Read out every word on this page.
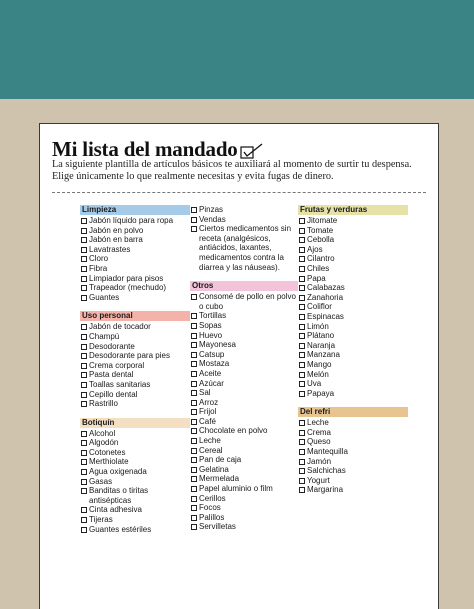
Mi lista del mandado
La siguiente plantilla de artículos básicos te auxiliará al momento de surtir tu despensa. Elige únicamente lo que realmente necesitas y evita fugas de dinero.
Limpieza
Jabón líquido para ropa
Jabón en polvo
Jabón en barra
Lavatrastes
Cloro
Fibra
Limpiador para pisos
Trapeador (mechudo)
Guantes
Uso personal
Jabón de tocador
Champú
Desodorante
Desodorante para pies
Crema corporal
Pasta dental
Toallas sanitarias
Cepillo dental
Rastrillo
Botiquín
Alcohol
Algodón
Cotonetes
Merthiolate
Agua oxigenada
Gasas
Banditas o tiritas antisépticas
Cinta adhesiva
Tijeras
Guantes estériles
Pinzas
Vendas
Ciertos medicamentos sin receta (analgésicos, antiácidos, laxantes, medicamentos contra la diarrea y las náuseas).
Otros
Consomé de pollo en polvo o cubo
Tortillas
Sopas
Huevo
Mayonesa
Catsup
Mostaza
Aceite
Azúcar
Sal
Arroz
Frijol
Café
Chocolate en polvo
Leche
Cereal
Pan de caja
Gelatina
Mermelada
Papel aluminio o film
Cerillos
Focos
Palillos
Servilletas
Frutas y verduras
Jitomate
Tomate
Cebolla
Ajos
Cilantro
Chiles
Papa
Calabazas
Zanahoria
Coliflor
Espinacas
Limón
Plátano
Naranja
Manzana
Mango
Melón
Uva
Papaya
Del refri
Leche
Crema
Queso
Mantequilla
Jamón
Salchichas
Yogurt
Margarina
